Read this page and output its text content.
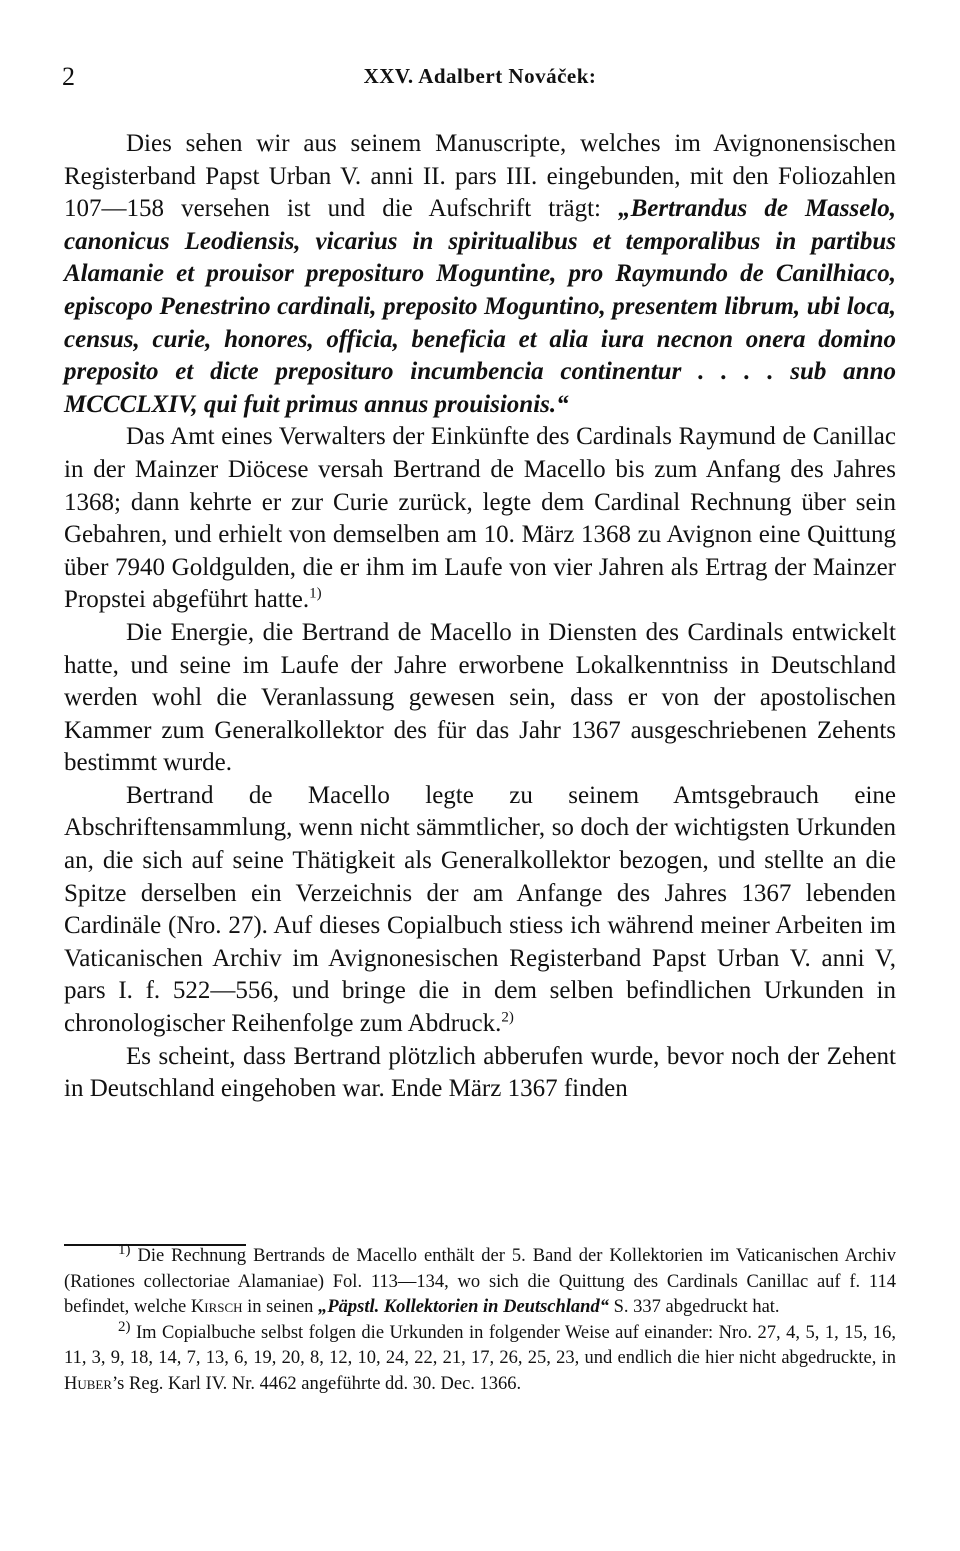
2	XXV. Adalbert Nováček:

Dies sehen wir aus seinem Manuscripte, welches im Avignonensischen Registerband Papst Urban V. anni II. pars III. eingebunden, mit den Foliozahlen 107—158 versehen ist und die Aufschrift trägt: „Bertrandus de Masselo, canonicus Leodiensis, vicarius in spiritualibus et temporalibus in partibus Alamanie et prouisor preposituro Moguntine, pro Raymundo de Canilhiaco, episcopo Penestrino cardinali, preposito Moguntino, presentem librum, ubi loca, census, curie, honores, officia, beneficia et alia iura necnon onera domino preposito et dicte preposituro incumbencia continentur . . . . sub anno MCCCLXIV, qui fuit primus annus prouisionis.“

Das Amt eines Verwalters der Einkünfte des Cardinals Raymund de Canillac in der Mainzer Diöcese versah Bertrand de Macello bis zum Anfang des Jahres 1368; dann kehrte er zur Curie zurück, legte dem Cardinal Rechnung über sein Gebahren, und erhielt von demselben am 10. März 1368 zu Avignon eine Quittung über 7940 Goldgulden, die er ihm im Laufe von vier Jahren als Ertrag der Mainzer Propstei abgeführt hatte.$^{1)}$

Die Energie, die Bertrand de Macello in Diensten des Cardinals entwickelt hatte, und seine im Laufe der Jahre erworbene Lokalkenntniss in Deutschland werden wohl die Veranlassung gewesen sein, dass er von der apostolischen Kammer zum Generalkollektor des für das Jahr 1367 ausgeschriebenen Zehents bestimmt wurde.

Bertrand de Macello legte zu seinem Amtsgebrauch eine Abschriftensammlung, wenn nicht sämmtlicher, so doch der wichtigsten Urkunden an, die sich auf seine Thätigkeit als Generalkollektor bezogen, und stellte an die Spitze derselben ein Verzeichnis der am Anfange des Jahres 1367 lebenden Cardinäle (Nro. 27). Auf dieses Copialbuch stiess ich während meiner Arbeiten im Vaticanischen Archiv im Avignonesischen Registerband Papst Urban V. anni V, pars I. f. 522—556, und bringe die in dem selben befindlichen Urkunden in chronologischer Reihenfolge zum Abdruck.$^{2)}$

Es scheint, dass Bertrand plötzlich abberufen wurde, bevor noch der Zehent in Deutschland eingehoben war. Ende März 1367 finden

$^{1)}$ Die Rechnung Bertrands de Macello enthält der 5. Band der Kollektorien im Vaticanischen Archiv (Rationes collectoriae Alamaniae) Fol. 113—134, wo sich die Quittung des Cardinals Canillac auf f. 114 befindet, welche Kirsch in seinen „Päpstl. Kollektorien in Deutschland“ S. 337 abgedruckt hat.

$^{2)}$ Im Copialbuche selbst folgen die Urkunden in folgender Weise auf einander: Nro. 27, 4, 5, 1, 15, 16, 11, 3, 9, 18, 14, 7, 13, 6, 19, 20, 8, 12, 10, 24, 22, 21, 17, 26, 25, 23, und endlich die hier nicht abgedruckte, in Huber’s Reg. Karl IV. Nr. 4462 angeführte dd. 30. Dec. 1366.
